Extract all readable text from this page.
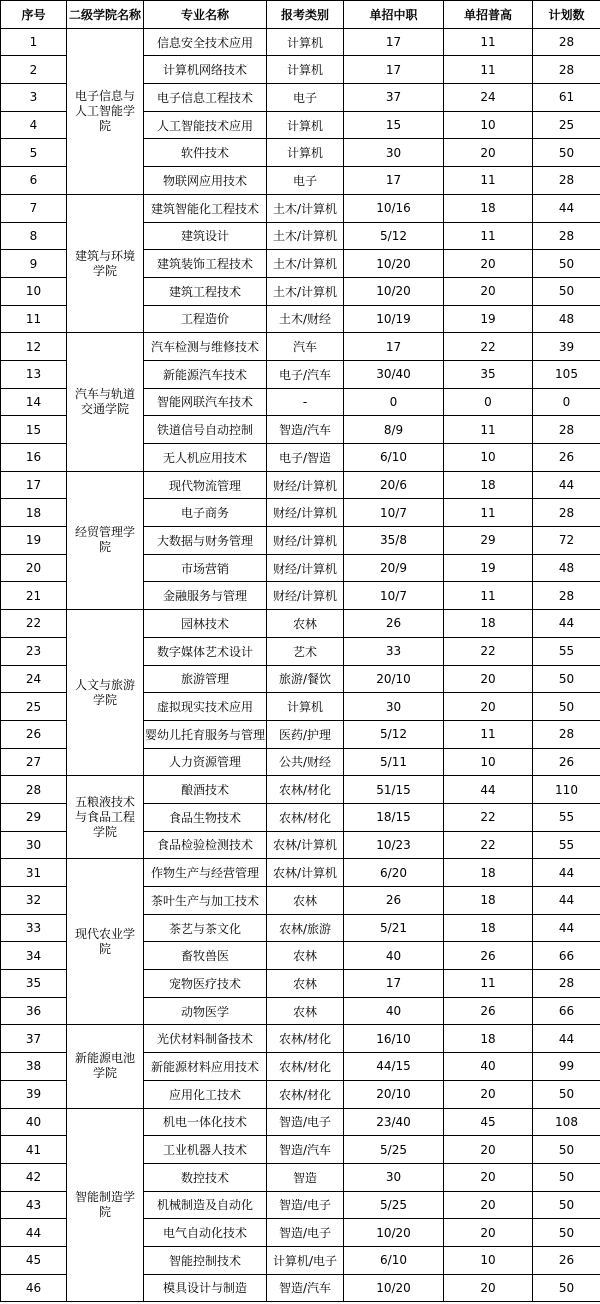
序号	二级学院名称	专业名称	报考类别	单招中职	单招普高	计划数
1	电子信息与人工智能学院	信息安全技术应用	计算机	17	11	28
2		计算机网络技术	计算机	17	11	28
3		电子信息工程技术	电子	37	24	61
4		人工智能技术应用	计算机	15	10	25
5		软件技术	计算机	30	20	50
6		物联网应用技术	电子	17	11	28
7	建筑与环境学院	建筑智能化工程技术	土木/计算机	10/16	18	44
8		建筑设计	土木/计算机	5/12	11	28
9		建筑装饰工程技术	土木/计算机	10/20	20	50
10		建筑工程技术	土木/计算机	10/20	20	50
11		工程造价	土木/财经	10/19	19	48
12	汽车与轨道交通学院	汽车检测与维修技术	汽车	17	22	39
13		新能源汽车技术	电子/汽车	30/40	35	105
14		智能网联汽车技术	-	0	0	0
15		铁道信号自动控制	智造/汽车	8/9	11	28
16		无人机应用技术	电子/智造	6/10	10	26
17	经贸管理学院	现代物流管理	财经/计算机	20/6	18	44
18		电子商务	财经/计算机	10/7	11	28
19		大数据与财务管理	财经/计算机	35/8	29	72
20		市场营销	财经/计算机	20/9	19	48
21		金融服务与管理	财经/计算机	10/7	11	28
22	人文与旅游学院	园林技术	农林	26	18	44
23		数字媒体艺术设计	艺术	33	22	55
24		旅游管理	旅游/餐饮	20/10	20	50
25		虚拟现实技术应用	计算机	30	20	50
26		婴幼儿托育服务与管理	医药/护理	5/12	11	28
27		人力资源管理	公共/财经	5/11	10	26
28	五粮液技术与食品工程学院	酿酒技术	农林/材化	51/15	44	110
29		食品生物技术	农林/材化	18/15	22	55
30		食品检验检测技术	农林/计算机	10/23	22	55
31	现代农业学院	作物生产与经营管理	农林/计算机	6/20	18	44
32		茶叶生产与加工技术	农林	26	18	44
33		茶艺与茶文化	农林/旅游	5/21	18	44
34		畜牧兽医	农林	40	26	66
35		宠物医疗技术	农林	17	11	28
36		动物医学	农林	40	26	66
37	新能源电池学院	光伏材料制备技术	农林/材化	16/10	18	44
38		新能源材料应用技术	农林/材化	44/15	40	99
39		应用化工技术	农林/材化	20/10	20	50
40	智能制造学院	机电一体化技术	智造/电子	23/40	45	108
41		工业机器人技术	智造/汽车	5/25	20	50
42		数控技术	智造	30	20	50
43		机械制造及自动化	智造/电子	5/25	20	50
44		电气自动化技术	智造/电子	10/20	20	50
45		智能控制技术	计算机/电子	6/10	10	26
46		模具设计与制造	智造/汽车	10/20	20	50
